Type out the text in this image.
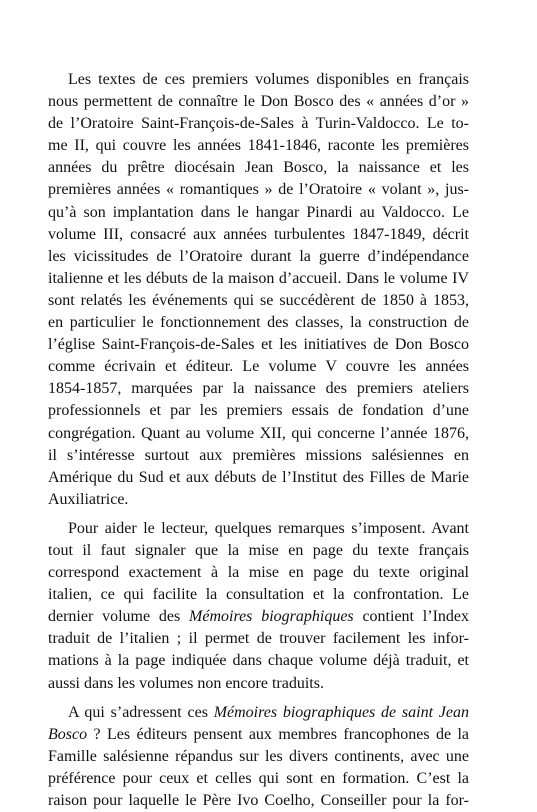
Les textes de ces premiers volumes disponibles en français
nous permettent de connaître le Don Bosco des « années d’or »
de l’Oratoire Saint-François-de-Sales à Turin-Valdocco. Le to-
me II, qui couvre les années 1841-1846, raconte les premières
années du prêtre diocésain Jean Bosco, la naissance et les
premières années « romantiques » de l’Oratoire « volant », jus-
qu’à son implantation dans le hangar Pinardi au Valdocco. Le
volume III, consacré aux années turbulentes 1847-1849, décrit
les vicissitudes de l’Oratoire durant la guerre d’indépendance
italienne et les débuts de la maison d’accueil. Dans le volume IV
sont relatés les événements qui se succédèrent de 1850 à 1853,
en particulier le fonctionnement des classes, la construction de
l’église Saint-François-de-Sales et les initiatives de Don Bosco
comme écrivain et éditeur. Le volume V couvre les années
1854-1857, marquées par la naissance des premiers ateliers
professionnels et par les premiers essais de fondation d’une
congrégation. Quant au volume XII, qui concerne l’année 1876,
il s’intéresse surtout aux premières missions salésiennes en
Amérique du Sud et aux débuts de l’Institut des Filles de Marie
Auxiliatrice.
Pour aider le lecteur, quelques remarques s’imposent. Avant
tout il faut signaler que la mise en page du texte français
correspond exactement à la mise en page du texte original
italien, ce qui facilite la consultation et la confrontation. Le
dernier volume des Mémoires biographiques contient l’Index
traduit de l’italien ; il permet de trouver facilement les infor-
mations à la page indiquée dans chaque volume déjà traduit, et
aussi dans les volumes non encore traduits.
A qui s’adressent ces Mémoires biographiques de saint Jean
Bosco ? Les éditeurs pensent aux membres francophones de la
Famille salésienne répandus sur les divers continents, avec une
préférence pour ceux et celles qui sont en formation. C’est la
raison pour laquelle le Père Ivo Coelho, Conseiller pour la for-
